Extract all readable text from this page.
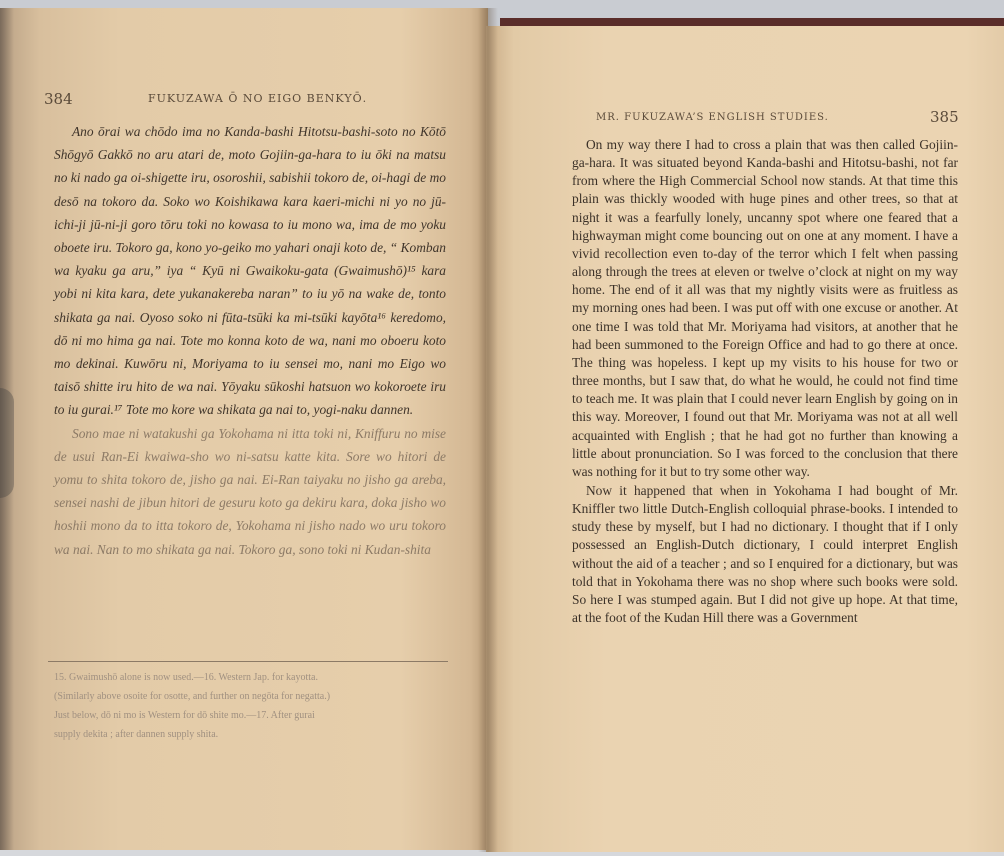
384	FUKUZAWA Ō NO EIGO BENKYŌ.

Ano ōrai wa chōdo ima no Kanda-bashi Hitotsu-bashi-soto no Kōtō Shōgyō Gakkō no aru atari de, moto Gojiin-ga-hara to iu ōki na matsu no ki nado ga oi-shigette iru, osoroshii, sabishii tokoro de, oi-hagi de mo desō na tokoro da. Soko wo Koishikawa kara kaeri-michi ni yo no jū-ichi-ji jū-ni-ji goro tōru toki no kowasa to iu mono wa, ima de mo yoku oboete iru. Tokoro ga, kono yo-geiko mo yahari onaji koto de, “ Komban wa kyaku ga aru,” iya “ Kyū ni Gwaikoku-gata (Gwaimushō)¹⁵ kara yobi ni kita kara, dete yukanakereba naran” to iu yō na wake de, tonto shikata ga nai. Oyoso soko ni fūta-tsūki ka mi-tsūki kayōta¹⁶ keredomo, dō ni mo hima ga nai. Tote mo konna koto de wa, nani mo oboeru koto mo dekinai. Kuwōru ni, Moriyama to iu sensei mo, nani mo Eigo wo taisō shitte iru hito de wa nai. Yōyaku sūkoshi hatsuon wo kokoroete iru to iu gurai.¹⁷ Tote mo kore wa shikata ga nai to, yogi-naku dannen.

Sono mae ni watakushi ga Yokohama ni itta toki ni, Kniffuru no mise de usui Ran-Ei kwaiwa-sho wo ni-satsu katte kita. Sore wo hitori de yomu to shita tokoro de, jisho ga nai. Ei-Ran taiyaku no jisho ga areba, sensei nashi de jibun hitori de gesuru koto ga dekiru kara, doka jisho wo hoshii mono da to itta tokoro de, Yokohama ni jisho nado wo uru tokoro wa nai. Nan to mo shikata ga nai. Tokoro ga, sono toki ni Kudan-shita

15. Gwaimushō alone is now used.—16. Western Jap. for kayotta.

(Similarly above osoite for osotte, and further on negōta for negatta.)

Just below, dō ni mo is Western for dō shite mo.—17. After gurai

supply dekita ; after dannen supply shita.

MR. FUKUZAWA’S ENGLISH STUDIES.	385

On my way there I had to cross a plain that was then called Gojiin-ga-hara. It was situated beyond Kanda-bashi and Hitotsu-bashi, not far from where the High Commercial School now stands. At that time this plain was thickly wooded with huge pines and other trees, so that at night it was a fearfully lonely, uncanny spot where one feared that a highwayman might come bouncing out on one at any moment. I have a vivid recollection even to-day of the terror which I felt when passing along through the trees at eleven or twelve o’clock at night on my way home. The end of it all was that my nightly visits were as fruitless as my morning ones had been. I was put off with one excuse or another. At one time I was told that Mr. Moriyama had visitors, at another that he had been summoned to the Foreign Office and had to go there at once. The thing was hopeless. I kept up my visits to his house for two or three months, but I saw that, do what he would, he could not find time to teach me. It was plain that I could never learn English by going on in this way. Moreover, I found out that Mr. Moriyama was not at all well acquainted with English ; that he had got no further than knowing a little about pronunciation. So I was forced to the conclusion that there was nothing for it but to try some other way.

Now it happened that when in Yokohama I had bought of Mr. Kniffler two little Dutch-English colloquial phrase-books. I intended to study these by myself, but I had no dictionary. I thought that if I only possessed an English-Dutch dictionary, I could interpret English without the aid of a teacher ; and so I enquired for a dictionary, but was told that in Yokohama there was no shop where such books were sold. So here I was stumped again. But I did not give up hope. At that time, at the foot of the Kudan Hill there was a Government
